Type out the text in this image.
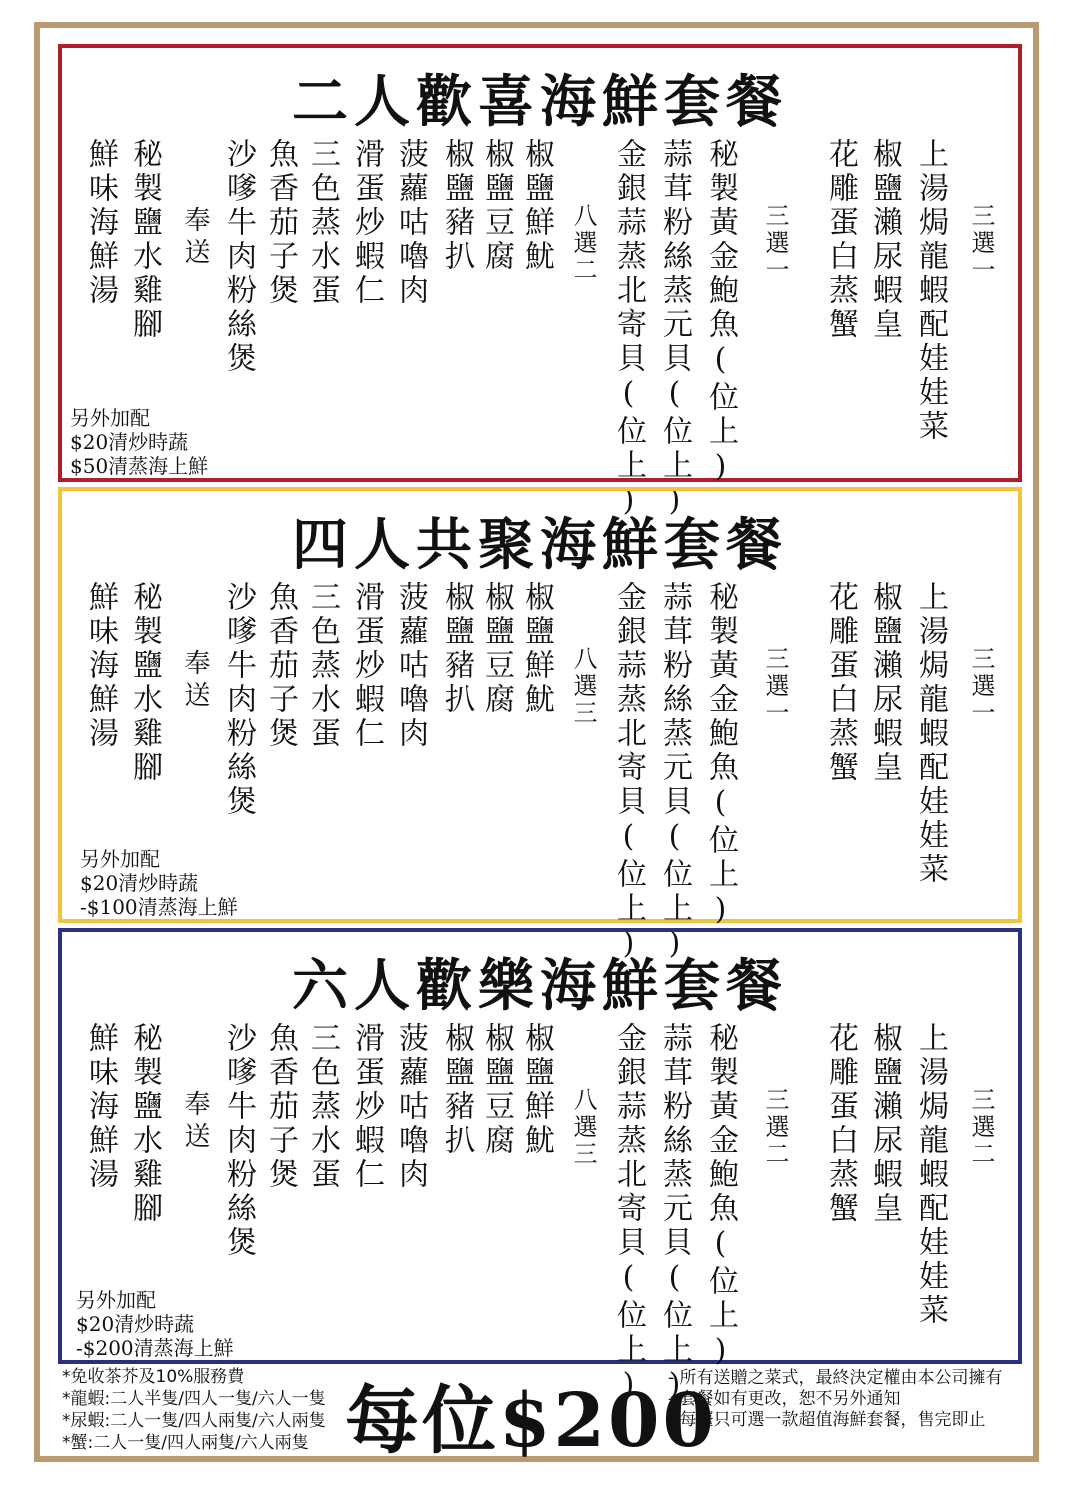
二人歡喜海鮮套餐
三選一
上湯焗龍蝦配娃娃菜
椒鹽瀨尿蝦皇
花雕蛋白蒸蟹
三選一
秘製黃金鮑魚(位上)
蒜茸粉絲蒸元貝(位上)
金銀蒜蒸北寄貝(位上)
八選二
椒鹽鮮魷
椒鹽豆腐
椒鹽豬扒
菠蘿咕嚕肉
滑蛋炒蝦仁
三色蒸水蛋
魚香茄子煲
沙嗲牛肉粉絲煲
奉送
秘製鹽水雞腳
鮮味海鮮湯
另外加配
$20清炒時蔬
$50清蒸海上鮮
四人共聚海鮮套餐
三選一
上湯焗龍蝦配娃娃菜
椒鹽瀨尿蝦皇
花雕蛋白蒸蟹
三選一
秘製黃金鮑魚(位上)
蒜茸粉絲蒸元貝(位上)
金銀蒜蒸北寄貝(位上)
八選三
椒鹽鮮魷
椒鹽豆腐
椒鹽豬扒
菠蘿咕嚕肉
滑蛋炒蝦仁
三色蒸水蛋
魚香茄子煲
沙嗲牛肉粉絲煲
奉送
秘製鹽水雞腳
鮮味海鮮湯
另外加配
$20清炒時蔬
-$100清蒸海上鮮
六人歡樂海鮮套餐
三選二
上湯焗龍蝦配娃娃菜
椒鹽瀨尿蝦皇
花雕蛋白蒸蟹
三選二
秘製黃金鮑魚(位上)
蒜茸粉絲蒸元貝(位上)
金銀蒜蒸北寄貝(位上)
八選三
椒鹽鮮魷
椒鹽豆腐
椒鹽豬扒
菠蘿咕嚕肉
滑蛋炒蝦仁
三色蒸水蛋
魚香茄子煲
沙嗲牛肉粉絲煲
奉送
秘製鹽水雞腳
鮮味海鮮湯
另外加配
$20清炒時蔬
-$200清蒸海上鮮
*免收茶芥及10%服務費
*龍蝦:二人半隻/四人一隻/六人一隻
*尿蝦:二人一隻/四人兩隻/六人兩隻
*蟹:二人一隻/四人兩隻/六人兩隻 每位$200
- 所有送贈之菜式，最終決定權由本公司擁有
- 套餐如有更改，恕不另外通知
- 每檯只可選一款超值海鮮套餐，售完即止
